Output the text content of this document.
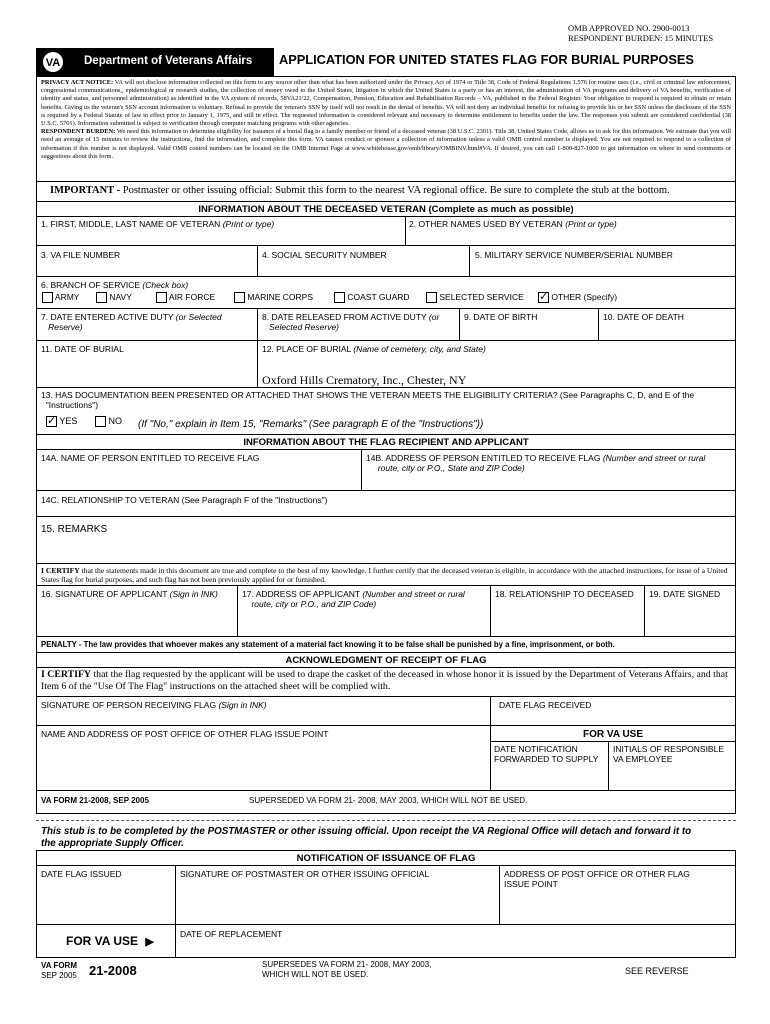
OMB APPROVED NO. 2900-0013
RESPONDENT BURDEN: 15 MINUTES
VA Department of Veterans Affairs APPLICATION FOR UNITED STATES FLAG FOR BURIAL PURPOSES
PRIVACY ACT NOTICE: VA will not disclose information collected on this form to any source other than what has been authorized under the Privacy Act of 1974 or Title 38, Code of Federal Regulations 1.576 for routine uses (i.e., civil or criminal law enforcement, congressional communications,, epidemiological or research studies, the collection of money owed to the United States, litigation in which the United States is a party or has an interest, the administration of VA programs and delivery of VA benefits, verification of identity and status, and personnel administration) as identified in the VA system of records, 58VA21/22, Compensation, Pension, Education and Rehabilitation Records – VA, published in the Federal Register. Your obligation to respond is required to obtain or retain benefits. Giving us the veteran's SSN account information is voluntary. Refusal to provide the veteran's SSN by itself will not result in the denial of benefits. VA will not deny an individual benefits for refusing to provide his or her SSN unless the disclosure of the SSN is required by a Federal Statute of law in effect prior to January 1, 1975, and still in effect. The requested information is considered relevant and necessary to determine entitlement to benefits under the law. The responses you submit are considered confidential (38 U.S.C. 5701). Information submitted is subject to verification through computer matching programs with other agencies.
RESPONDENT BURDEN: We need this information to determine eligibility for issuance of a burial flag to a family member or friend of a deceased veteran (38 U.S.C. 2301). Title 38, United States Code, allows us to ask for this information. We estimate that you will need an average of 15 minutes to review the instructions, find the information, and complete this form. VA cannot conduct or sponsor a collection of information unless a valid OMB control number is displayed. You are not required to respond to a collection of information if this number is not displayed. Valid OMB control numbers can be located on the OMB Internet Page at www.whitehouse.gov/omb/library/OMBINV.html#VA. If desired, you can call 1-800-827-1000 to get information on where to send comments or suggestions about this form.
IMPORTANT - Postmaster or other issuing official: Submit this form to the nearest VA regional office. Be sure to complete the stub at the bottom.
INFORMATION ABOUT THE DECEASED VETERAN (Complete as much as possible)
1. FIRST, MIDDLE, LAST NAME OF VETERAN (Print or type)	2. OTHER NAMES USED BY VETERAN (Print or type)
3. VA FILE NUMBER	4. SOCIAL SECURITY NUMBER	5. MILITARY SERVICE NUMBER/SERIAL NUMBER
6. BRANCH OF SERVICE (Check box)
ARMY	NAVY	AIR FORCE	MARINE CORPS	COAST GUARD	SELECTED SERVICE
✓	OTHER (Specify)
7. DATE ENTERED ACTIVE DUTY (or Selected
Reserve)
8. DATE RELEASED FROM ACTIVE DUTY (or
Selected Reserve)
9. DATE OF BIRTH	10. DATE OF DEATH
11. DATE OF BURIAL	12. PLACE OF BURIAL (Name of cemetery, city, and State)
Oxford Hills Crematory, Inc., Chester, NY
13. HAS DOCUMENTATION BEEN PRESENTED OR ATTACHED THAT SHOWS THE VETERAN MEETS THE ELIGIBILITY CRITERIA? (See Paragraphs C, D, and E of the
"Instructions")
✓ YES	NO (If "No," explain in Item 15, "Remarks" (See paragraph E of the "Instructions"))
INFORMATION ABOUT THE FLAG RECIPIENT AND APPLICANT
14A. NAME OF PERSON ENTITLED TO RECEIVE FLAG	14B. ADDRESS OF PERSON ENTITLED TO RECEIVE FLAG (Number and street or rural
route, city or P.O., State and ZIP Code)
14C. RELATIONSHIP TO VETERAN (See Paragraph F of the "Instructions")
15. REMARKS
I CERTIFY that the statements made in this document are true and complete to the best of my knowledge. I further certify that the deceased veteran is eligible, in accordance with the attached instructions, for issue of a United States flag for burial purposes, and such flag has not been previously applied for or furnished.
16. SIGNATURE OF APPLICANT (Sign in INK)	17. ADDRESS OF APPLICANT (Number and street or rural
route, city or P.O., and ZIP Code)
18. RELATIONSHIP TO DECEASED 19. DATE SIGNED
PENALTY - The law provides that whoever makes any statement of a material fact knowing it to be false shall be punished by a fine, imprisonment, or both.
ACKNOWLEDGMENT OF RECEIPT OF FLAG
I CERTIFY that the flag requested by the applicant will be used to drape the casket of the deceased in whose honor it is issued by the Department of Veterans Affairs, and that Item 6 of the "Use Of The Flag" instructions on the attached sheet will be complied with.
SIGNATURE OF PERSON RECEIVING FLAG (Sign in INK)	DATE FLAG RECEIVED
NAME AND ADDRESS OF POST OFFICE OF OTHER FLAG ISSUE POINT	FOR VA USE
DATE NOTIFICATION
FORWARDED TO SUPPLY
INITIALS OF RESPONSIBLE
VA EMPLOYEE
VA FORM 21-2008, SEP 2005	SUPERSEDED VA FORM 21- 2008, MAY 2003, WHICH WILL NOT BE USED.
This stub is to be completed by the POSTMASTER or other issuing official. Upon receipt the VA Regional Office will detach and forward it to
the appropriate Supply Officer.
NOTIFICATION OF ISSUANCE OF FLAG
DATE FLAG ISSUED	SIGNATURE OF POSTMASTER OR OTHER ISSUING OFFICIAL	ADDRESS OF POST OFFICE OR OTHER FLAG
ISSUE POINT
FOR VA USE ▶
DATE OF REPLACEMENT
VA FORM
SEP 2005 21-2008	SUPERSEDES VA FORM 21- 2008, MAY 2003,
WHICH WILL NOT BE USED.	SEE REVERSE
